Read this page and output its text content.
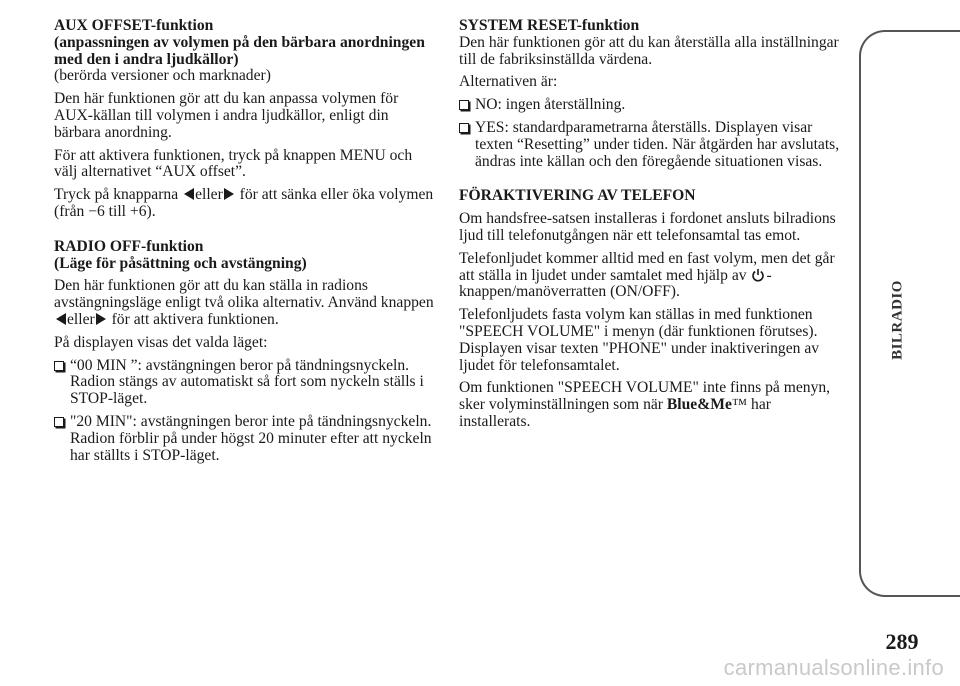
AUX OFFSET-funktion

(anpassningen av volymen på den bärbara anordningen med den i andra ljudkällor)

(berörda versioner och marknader)

Den här funktionen gör att du kan anpassa volymen för AUX-källan till volymen i andra ljudkällor, enligt din bärbara anordning.

För att aktivera funktionen, tryck på knappen MENU och välj alternativet “AUX offset”.

Tryck på knapparna eller för att sänka eller öka volymen (från −6 till +6).

RADIO OFF-funktion

(Läge för påsättning och avstängning)

Den här funktionen gör att du kan ställa in radions avstängningsläge enligt två olika alternativ. Använd knappen eller för att aktivera funktionen.

På displayen visas det valda läget:

“00 MIN ”: avstängningen beror på tändningsnyckeln. Radion stängs av automatiskt så fort som nyckeln ställs i STOP-läget.
"20 MIN": avstängningen beror inte på tändningsnyckeln. Radion förblir på under högst 20 minuter efter att nyckeln har ställts i STOP-läget.

SYSTEM RESET-funktion

Den här funktionen gör att du kan återställa alla inställningar till de fabriksinställda värdena.

Alternativen är:

NO: ingen återställning.
YES: standardparametrarna återställs. Displayen visar texten “Resetting” under tiden. När åtgärden har avslutats, ändras inte källan och den föregående situationen visas.

FÖRAKTIVERING AV TELEFON

Om handsfree-satsen installeras i fordonet ansluts bilradions ljud till telefonutgången när ett telefonsamtal tas emot.

Telefonljudet kommer alltid med en fast volym, men det går att ställa in ljudet under samtalet med hjälp av -knappen/manöverratten (ON/OFF).

Telefonljudets fasta volym kan ställas in med funktionen "SPEECH VOLUME" i menyn (där funktionen förutses). Displayen visar texten "PHONE" under inaktiveringen av ljudet för telefonsamtalet.

Om funktionen "SPEECH VOLUME" inte finns på menyn, sker volyminställningen som när Blue&Me™ har installerats.

BILRADIO
289
carmanualsonline.info
